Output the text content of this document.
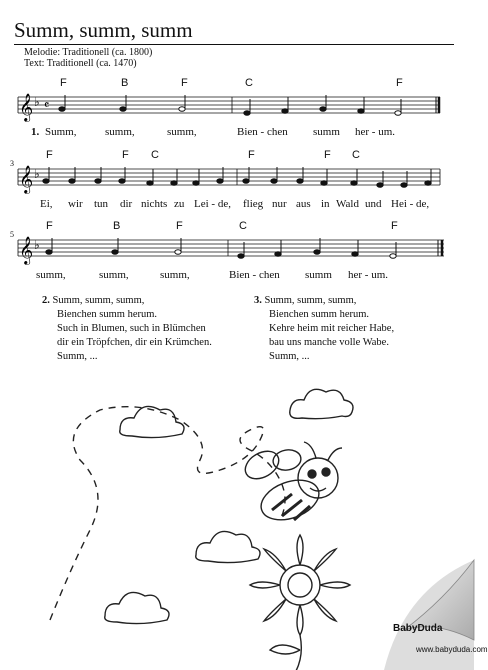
Summ, summ, summ
Melodie: Traditionell (ca. 1800)
Text: Traditionell (ca. 1470)
F	B	F	C	F
𝄞 ♭ 𝄴
1. Summ,	summ,	summ,	Bien - chen summ her - um.
3
F	F C	F	F C
𝄞 ♭
Ei, wir tun dir nichts zu Lei - de, flieg nur aus in Wald und Hei - de,
5
F	B	F	C	F
𝄞 ♭
summ,	summ,	summ,	Bien - chen summ her - um.
2. Summ, summ, summ,
Bienchen summ herum.
Such in Blumen, such in Blümchen
dir ein Tröpfchen, dir ein Krümchen.
Summ, ...
3. Summ, summ, summ,
Bienchen summ herum.
Kehre heim mit reicher Habe,
bau uns manche volle Wabe.
Summ, ...
BabyDuda
www.babyduda.com
